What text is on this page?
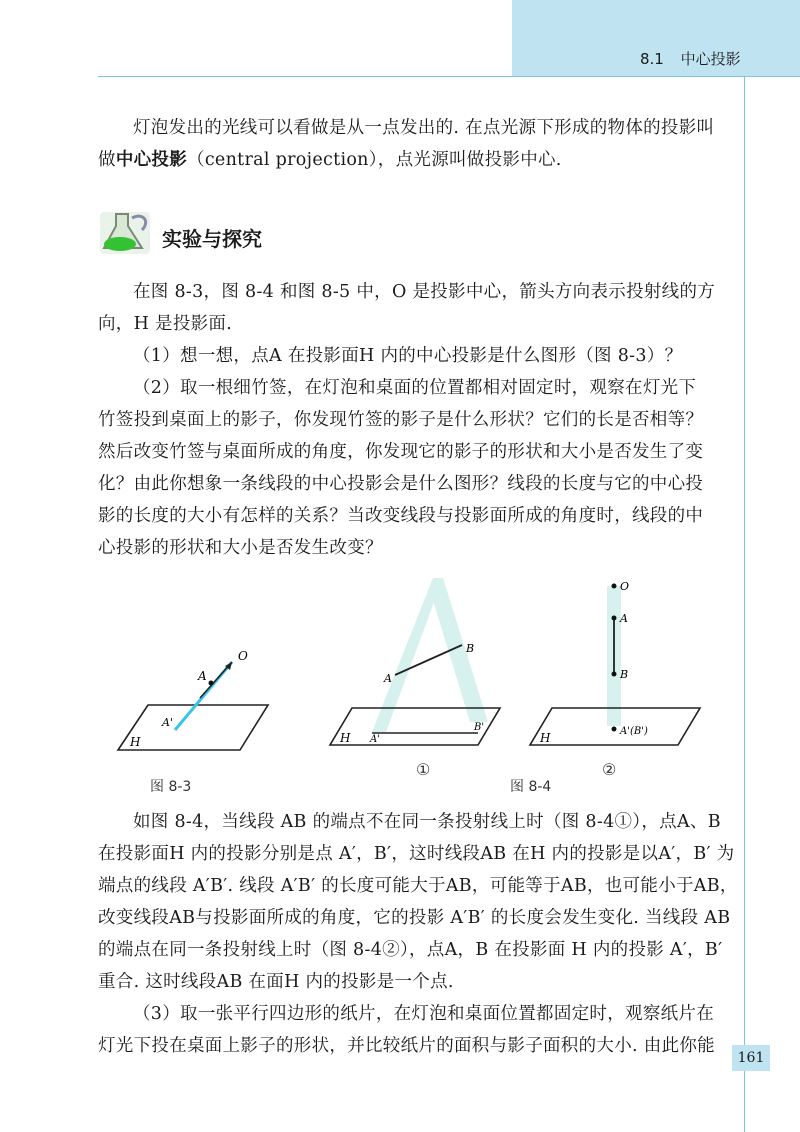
8.1 中心投影

灯泡发出的光线可以看做是从一点发出的. 在点光源下形成的物体的投影叫

做中心投影（central projection），点光源叫做投影中心.

实验与探究

在图 8-3，图 8-4 和图 8-5 中，O 是投影中心，箭头方向表示投射线的方

向，H 是投影面.

（1）想一想，点A 在投影面H 内的中心投影是什么图形（图 8-3）？

（2）取一根细竹签，在灯泡和桌面的位置都相对固定时，观察在灯光下

竹签投到桌面上的影子，你发现竹签的影子是什么形状？它们的长是否相等？

然后改变竹签与桌面所成的角度，你发现它的影子的形状和大小是否发生了变

化？由此你想象一条线段的中心投影会是什么图形？线段的长度与它的中心投

影的长度的大小有怎样的关系？当改变线段与投影面所成的角度时，线段的中

心投影的形状和大小是否发生改变？

O
A
A'
H
A
B
A'
B'
H
O
A
B
A'(B')
H
图 8-3	图 8-4
①	②

如图 8-4，当线段 AB 的端点不在同一条投射线上时（图 8-4①），点A、B

在投影面H 内的投影分别是点 A′，B′，这时线段AB 在H 内的投影是以A′，B′ 为

端点的线段 A′B′. 线段 A′B′ 的长度可能大于AB，可能等于AB，也可能小于AB，

改变线段AB与投影面所成的角度，它的投影 A′B′ 的长度会发生变化. 当线段 AB

的端点在同一条投射线上时（图 8-4②），点A，B 在投影面 H 内的投影 A′，B′

重合. 这时线段AB 在面H 内的投影是一个点.

（3）取一张平行四边形的纸片，在灯泡和桌面位置都固定时，观察纸片在

灯光下投在桌面上影子的形状，并比较纸片的面积与影子面积的大小. 由此你能

161
